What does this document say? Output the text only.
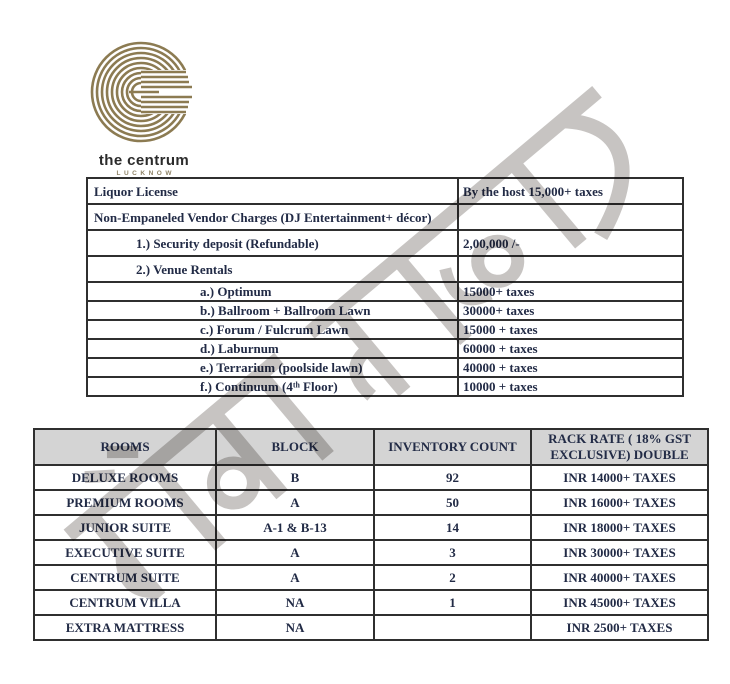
the centrum
LUCKNOW
Liquor License	By the host 15,000+ taxes
Non-Empaneled Vendor Charges (DJ Entertainment+ décor)	
1.) Security deposit (Refundable)	2,00,000 /-
2.) Venue Rentals	
a.) Optimum	15000+ taxes
b.) Ballroom + Ballroom Lawn	30000+ taxes
c.) Forum / Fulcrum Lawn	15000 + taxes
d.) Laburnum	60000 + taxes
e.) Terrarium (poolside lawn)	40000 + taxes
f.) Continuum (4ᵗʰ Floor)	10000 + taxes
ROOMS	BLOCK	INVENTORY COUNT	RACK RATE ( 18% GST EXCLUSIVE) DOUBLE
DELUXE ROOMS	B	92	INR 14000+ TAXES
PREMIUM ROOMS	A	50	INR 16000+ TAXES
JUNIOR SUITE	A-1 & B-13	14	INR 18000+ TAXES
EXECUTIVE SUITE	A	3	INR 30000+ TAXES
CENTRUM SUITE	A	2	INR 40000+ TAXES
CENTRUM VILLA	NA	1	INR 45000+ TAXES
EXTRA MATTRESS	NA		INR 2500+ TAXES
